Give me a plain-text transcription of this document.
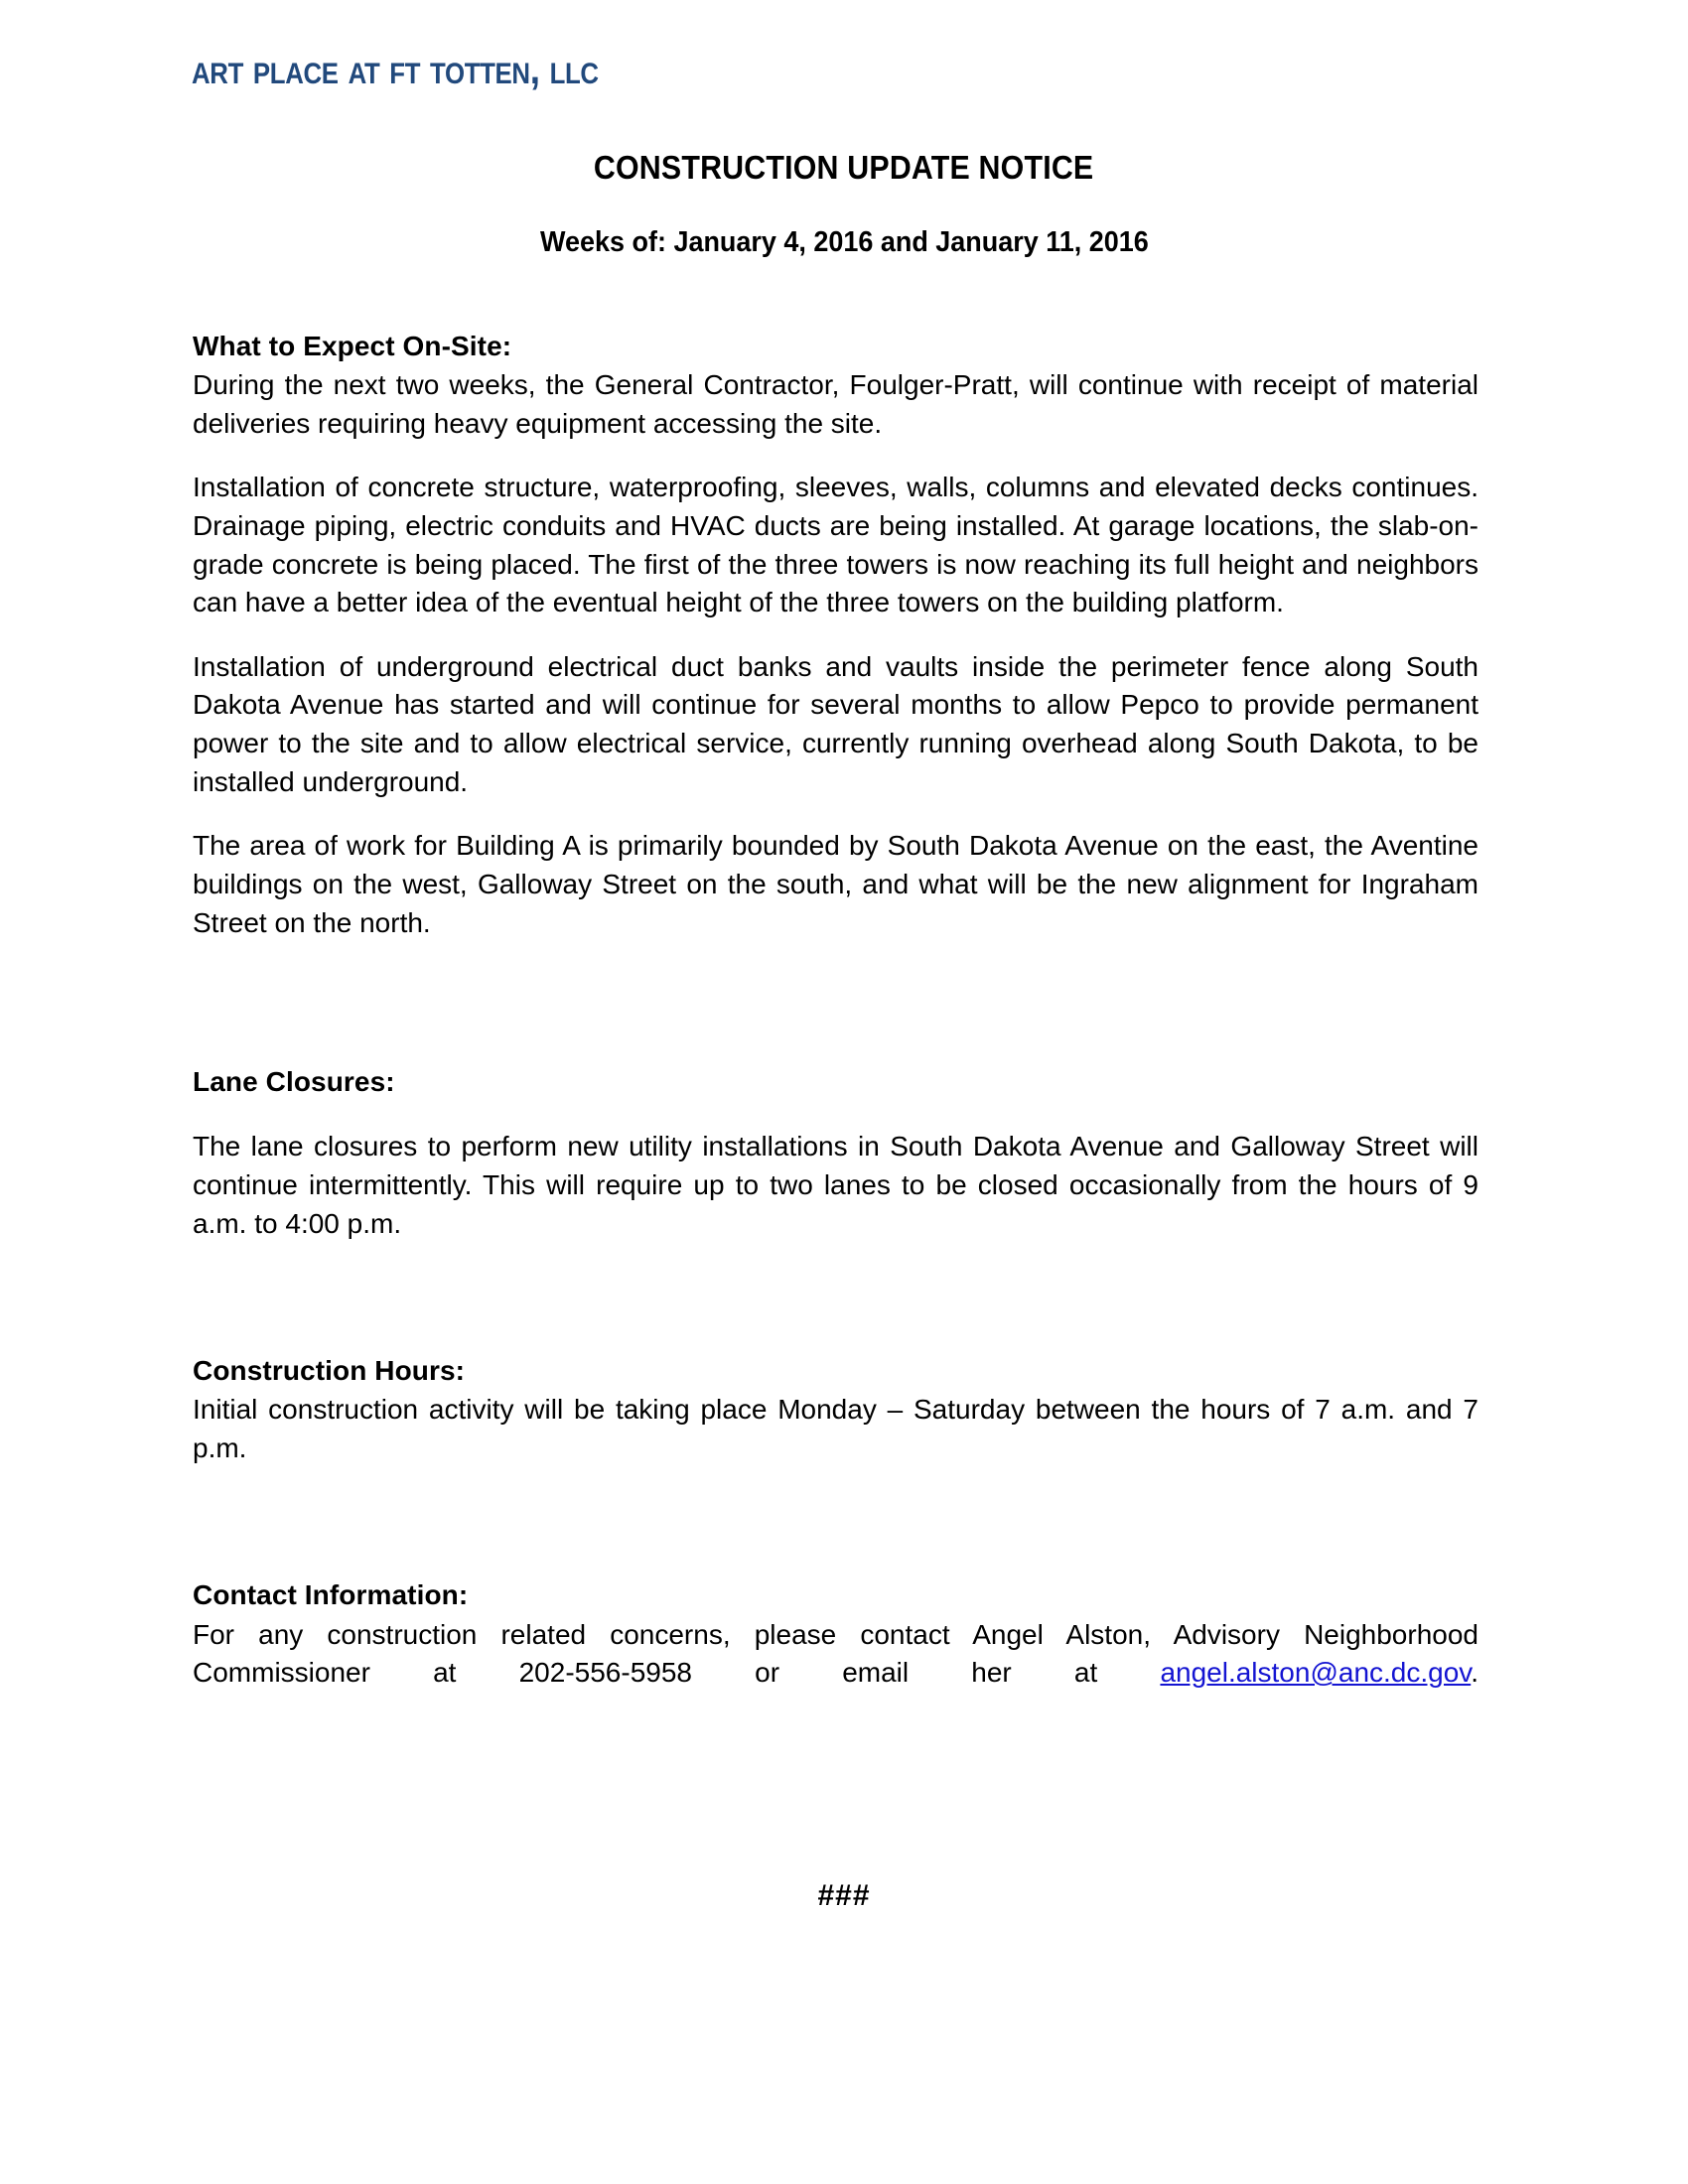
art place at ft totten, llc
CONSTRUCTION UPDATE NOTICE
Weeks of: January 4, 2016 and January 11, 2016
What to Expect On-Site:

During the next two weeks, the General Contractor, Foulger-Pratt, will continue with receipt of material deliveries requiring heavy equipment accessing the site.

Installation of concrete structure, waterproofing, sleeves, walls, columns and elevated decks continues. Drainage piping, electric conduits and HVAC ducts are being installed. At garage locations, the slab-on-grade concrete is being placed. The first of the three towers is now reaching its full height and neighbors can have a better idea of the eventual height of the three towers on the building platform.

Installation of underground electrical duct banks and vaults inside the perimeter fence along South Dakota Avenue has started and will continue for several months to allow Pepco to provide permanent power to the site and to allow electrical service, currently running overhead along South Dakota, to be installed underground.

The area of work for Building A is primarily bounded by South Dakota Avenue on the east, the Aventine buildings on the west, Galloway Street on the south, and what will be the new alignment for Ingraham Street on the north.

Lane Closures:

The lane closures to perform new utility installations in South Dakota Avenue and Galloway Street will continue intermittently. This will require up to two lanes to be closed occasionally from the hours of 9 a.m. to 4:00 p.m.

Construction Hours:

Initial construction activity will be taking place Monday – Saturday between the hours of 7 a.m. and 7 p.m.

Contact Information:

For any construction related concerns, please contact Angel Alston, Advisory Neighborhood Commissioner at 202-556-5958 or email her at angel.alston@anc.dc.gov.

###
